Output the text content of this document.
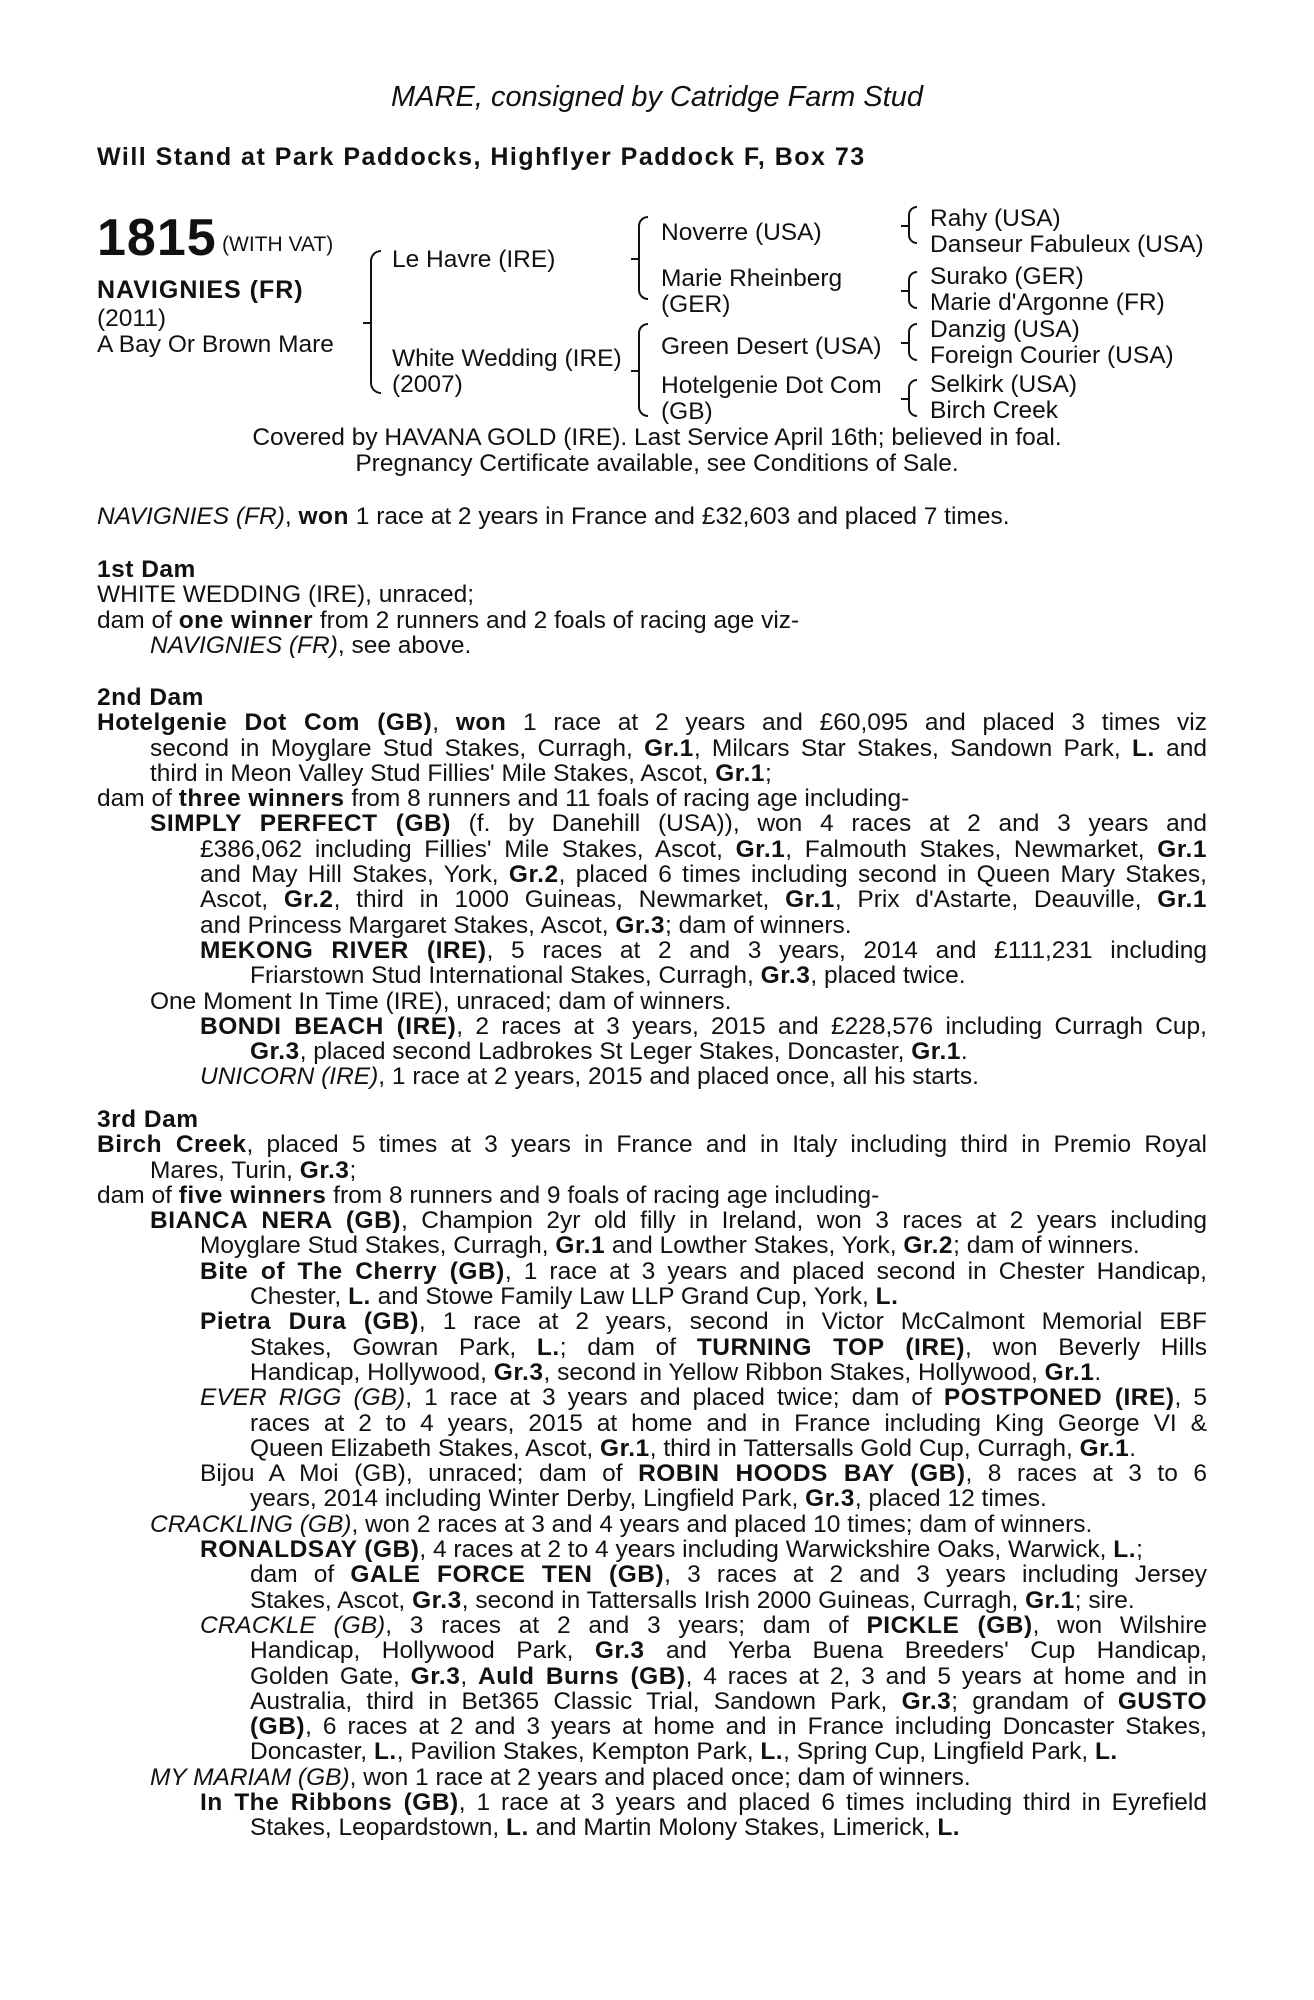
MARE, consigned by Catridge Farm Stud
Will Stand at Park Paddocks, Highflyer Paddock F, Box 73
1815 (WITH VAT)
NAVIGNIES (FR)
(2011)
A Bay Or Brown Mare
Le Havre (IRE)
White Wedding (IRE)
(2007)
Noverre (USA)
Marie Rheinberg
(GER)
Green Desert (USA)
Hotelgenie Dot Com
(GB)
Rahy (USA)
Danseur Fabuleux (USA)
Surako (GER)
Marie d'Argonne (FR)
Danzig (USA)
Foreign Courier (USA)
Selkirk (USA)
Birch Creek
Covered by HAVANA GOLD (IRE). Last Service April 16th; believed in foal.
Pregnancy Certificate available, see Conditions of Sale.
NAVIGNIES (FR), won 1 race at 2 years in France and £32,603 and placed 7 times.
1st Dam
WHITE WEDDING (IRE), unraced;
dam of one winner from 2 runners and 2 foals of racing age viz-
NAVIGNIES (FR), see above.
2nd Dam
Hotelgenie Dot Com (GB), won 1 race at 2 years and £60,095 and placed 3 times viz
second in Moyglare Stud Stakes, Curragh, Gr.1, Milcars Star Stakes, Sandown Park, L. and
third in Meon Valley Stud Fillies' Mile Stakes, Ascot, Gr.1;
dam of three winners from 8 runners and 11 foals of racing age including-
SIMPLY PERFECT (GB) (f. by Danehill (USA)), won 4 races at 2 and 3 years and
£386,062 including Fillies' Mile Stakes, Ascot, Gr.1, Falmouth Stakes, Newmarket, Gr.1
and May Hill Stakes, York, Gr.2, placed 6 times including second in Queen Mary Stakes,
Ascot, Gr.2, third in 1000 Guineas, Newmarket, Gr.1, Prix d'Astarte, Deauville, Gr.1
and Princess Margaret Stakes, Ascot, Gr.3; dam of winners.
MEKONG RIVER (IRE), 5 races at 2 and 3 years, 2014 and £111,231 including
Friarstown Stud International Stakes, Curragh, Gr.3, placed twice.
One Moment In Time (IRE), unraced; dam of winners.
BONDI BEACH (IRE), 2 races at 3 years, 2015 and £228,576 including Curragh Cup,
Gr.3, placed second Ladbrokes St Leger Stakes, Doncaster, Gr.1.
UNICORN (IRE), 1 race at 2 years, 2015 and placed once, all his starts.
3rd Dam
Birch Creek, placed 5 times at 3 years in France and in Italy including third in Premio Royal
Mares, Turin, Gr.3;
dam of five winners from 8 runners and 9 foals of racing age including-
BIANCA NERA (GB), Champion 2yr old filly in Ireland, won 3 races at 2 years including
Moyglare Stud Stakes, Curragh, Gr.1 and Lowther Stakes, York, Gr.2; dam of winners.
Bite of The Cherry (GB), 1 race at 3 years and placed second in Chester Handicap,
Chester, L. and Stowe Family Law LLP Grand Cup, York, L.
Pietra Dura (GB), 1 race at 2 years, second in Victor McCalmont Memorial EBF
Stakes, Gowran Park, L.; dam of TURNING TOP (IRE), won Beverly Hills
Handicap, Hollywood, Gr.3, second in Yellow Ribbon Stakes, Hollywood, Gr.1.
EVER RIGG (GB), 1 race at 3 years and placed twice; dam of POSTPONED (IRE), 5
races at 2 to 4 years, 2015 at home and in France including King George VI &
Queen Elizabeth Stakes, Ascot, Gr.1, third in Tattersalls Gold Cup, Curragh, Gr.1.
Bijou A Moi (GB), unraced; dam of ROBIN HOODS BAY (GB), 8 races at 3 to 6
years, 2014 including Winter Derby, Lingfield Park, Gr.3, placed 12 times.
CRACKLING (GB), won 2 races at 3 and 4 years and placed 10 times; dam of winners.
RONALDSAY (GB), 4 races at 2 to 4 years including Warwickshire Oaks, Warwick, L.;
dam of GALE FORCE TEN (GB), 3 races at 2 and 3 years including Jersey
Stakes, Ascot, Gr.3, second in Tattersalls Irish 2000 Guineas, Curragh, Gr.1; sire.
CRACKLE (GB), 3 races at 2 and 3 years; dam of PICKLE (GB), won Wilshire
Handicap, Hollywood Park, Gr.3 and Yerba Buena Breeders' Cup Handicap,
Golden Gate, Gr.3, Auld Burns (GB), 4 races at 2, 3 and 5 years at home and in
Australia, third in Bet365 Classic Trial, Sandown Park, Gr.3; grandam of GUSTO
(GB), 6 races at 2 and 3 years at home and in France including Doncaster Stakes,
Doncaster, L., Pavilion Stakes, Kempton Park, L., Spring Cup, Lingfield Park, L.
MY MARIAM (GB), won 1 race at 2 years and placed once; dam of winners.
In The Ribbons (GB), 1 race at 3 years and placed 6 times including third in Eyrefield
Stakes, Leopardstown, L. and Martin Molony Stakes, Limerick, L.
